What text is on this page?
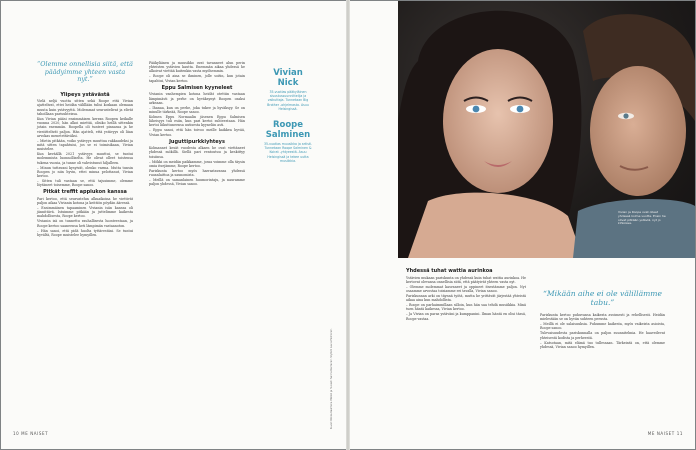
“Olemme onnellisia siitä, että päädyimme yhteen vasta nyt.”
Ylipeys ystävästä

Vielä neljä vuotta sitten sekä Roope että Vivian ajattelivat, ettei heidän välillään tulisi koskaan olemaan muuta kuin ystävyyttä. Molemmat seurustelivat ja elivät tahoillaan parisuhteissa.

Kun Vivian pääsi ensimmäisen kerran Roopen keikalle vuonna 2020, hän alkoi miettiä, olisiko heillä sittenkin jotain enemmän. Roopella oli tunteet pinnassa ja he viestittelivät paljon. Hän ajatteli, että ystävyys oli liian arvokas menetettäväksi.

– Mietin pitkään, voiko ystävyys muuttua rakkaudeksi ja mitä sitten tapahtuisi, jos se ei toimisikaan, Vivian muistelee.

Kun keväällä 2021 ystävyys muuttui, se tuntui molemmista luonnolliselta. He olivat olleet toistensa tukena vuosia, ja tunne oli vahvistunut hiljalleen.

– Minun tuttavani kysyivät, olenko varma. Mutta tunsin Roopen jo niin hyvin, ettei minua pelottanut, Vivian kertoo.

– Sitten tuli vastaan se, että tajusimme, olemme löytäneet toisemme, Roope sanoo.

Pitkät treffit appiukon kanssa

Pari kertoo, että seurustelun alkuaikoina he viettivät paljon aikaa Vivianin kotona ja keittiön pöydän ääressä.

– Ensimmäinen tapaaminen Vivianin isän kanssa oli jännittävä. Istuimme pitkään ja juttelimme kaikesta mahdollisesta, Roope kertoo.

Vivianin isä on tunnettu rauhallisesta luonteestaan, ja Roope kertoo saaneensa heti lämpimän vastaanoton.

– Hän sanoi, että pidä huolta tyttärestäni. Se tuntui hyvältä, Roope muistelee hymyillen.

Pääkyläinen ja muusikko ovat tavanneet alun perin yhteisten ystävien kautta. Enemmän aikaa yhdessä he alkoivat viettää kuitenkin vasta myöhemmin.

– Roope oli aina se ihminen, jolle soitin, kun jotain tapahtui, Vivian kertoo.

Eppu Salmisen kyyneleet

Vivianin vanhempien kotona heidät otettiin vastaan lämpimästi ja perhe on hyväksynyt Roopen osaksi arkeaan.

– Ihanaa, kun on perhe, joka tukee ja hyväksyy. Se on minulle tärkeää, Roope sanoo.

Kolmen Eppu Normaalin jäsenen Eppu Salmisen läheisyys tuli esiin, kun pari kertoi suhteestaan. Hän kertoi liikuttuneensa uutisesta kyyneliin asti.

– Eppu sanoi, että hän toivoo meille kaikkea hyvää, Vivian kertoo.

Juguttipurkkiyhteys

Kolmannet kesät vuodesta alkaen he ovat viettäneet yhdessä mökillä. Siellä pari rentoutuu ja keskittyy toisiinsa.

– Mökki on meidän paikkamme, jossa voimme olla täysin omia itsejämme, Roope kertoo.

Pariskunta kertoo myös harrastavansa yhdessä ruoanlaittoa ja saunomista.

– Meillä on samanlainen huumorintaju, ja nauramme paljon yhdessä, Vivian sanoo.

Vivian Nick
35-vuotias pääkyläinen sisustussuunnittelija ja vaikuttaja. Tunnetaan Big Brother -ohjelmasta. Asuu Helsingissä.
Roope Salminen
35-vuotias muusikko ja artisti. Tunnetaan Roope Salminen & Koirat -yhtyeestä. Asuu Helsingissä ja tekee uutta musiikkia.
Kuvat: Riikka Vaahtera. Meikki ja hiukset: Sanna Rantanen. Stylisti: Laura Heinonen.
10 ME NAISET
Vivian ja Roope ovat olleet yhdessä kolme vuotta. Ensin he olivat pitkään ystäviä, nyt jo kihloissa.
Yhdessä tuhat wattia aurinkoa

Ystävien mukaan pariskunta on yhdessä kuin tuhat wattia aurinkoa. He kertovat olevansa onnellisia siitä, että päätyivät yhteen vasta nyt.

– Olemme molemmat kasvaneet ja oppineet itsestämme paljon. Nyt osaamme arvostaa toisiamme eri tavalla, Vivian sanoo.

Pariskunnan arki on täynnä työtä, mutta he yrittävät järjestää yhteistä aikaa aina kun mahdollista.

– Roope on parhaimmillaan silloin, kun hän saa tehdä musiikkia. Minä tuen häntä kaikessa, Vivian kertoo.

– Ja Vivian on paras ystäväni ja kumppanini. Ilman häntä en olisi tässä, Roope vastaa.

“Mikään aihe ei ole välillämme tabu.”

Pariskunta kertoo puhuvansa kaikesta avoimesti ja rehellisesti. Heidän mielestään se on hyvän suhteen perusta.

– Meillä ei ole salaisuuksia. Puhumme kaikesta, myös vaikeista asioista, Roope sanoo.

Tulevaisuudesta pariskunnalla on paljon suunnitelmia. He haaveilevat yhteisestä kodista ja perheestä.

– Katsotaan, mitä elämä tuo tullessaan. Tärkeintä on, että olemme yhdessä, Vivian sanoo hymyillen.

ME NAISET 11
